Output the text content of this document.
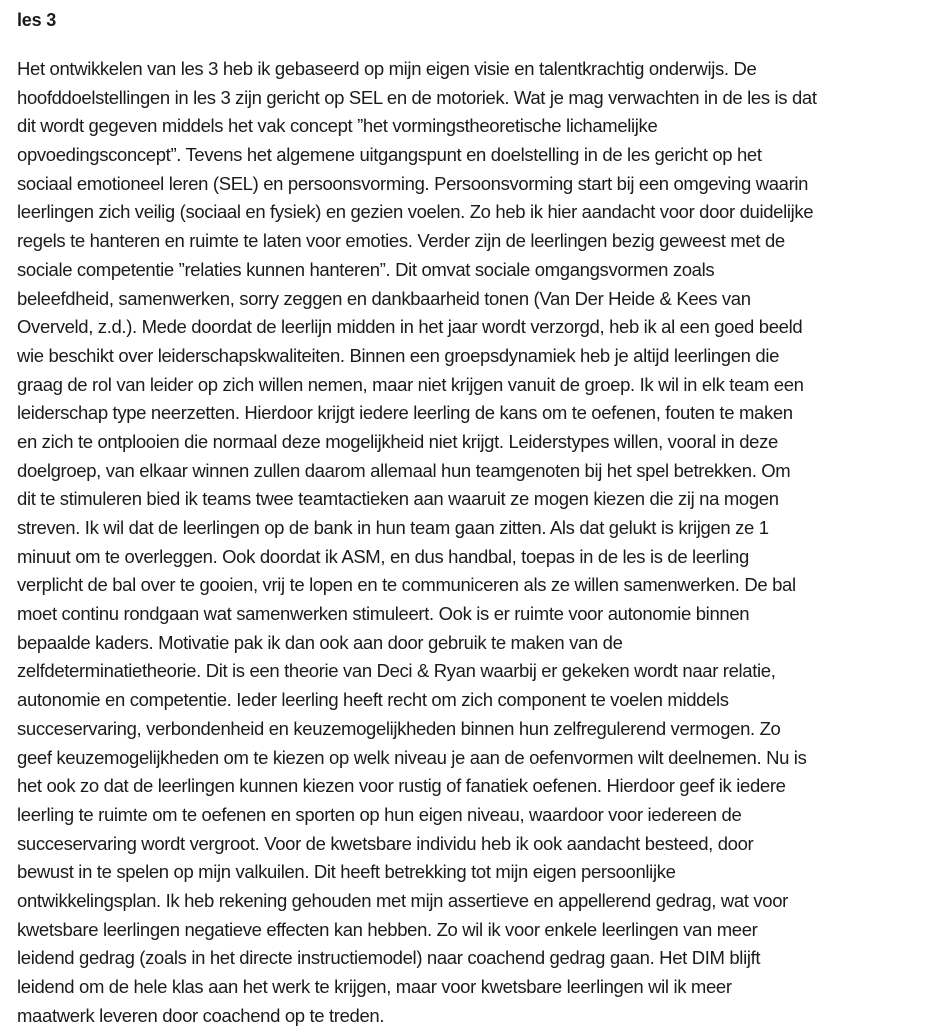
les 3
Het ontwikkelen van les 3 heb ik gebaseerd op mijn eigen visie en talentkrachtig onderwijs. De
hoofddoelstellingen in les 3 zijn gericht op SEL en de motoriek. Wat je mag verwachten in de les is dat
dit wordt gegeven middels het vak concept ”het vormingstheoretische lichamelijke
opvoedingsconcept”. Tevens het algemene uitgangspunt en doelstelling in de les gericht op het
sociaal emotioneel leren (SEL) en persoonsvorming. Persoonsvorming start bij een omgeving waarin
leerlingen zich veilig (sociaal en fysiek) en gezien voelen. Zo heb ik hier aandacht voor door duidelijke
regels te hanteren en ruimte te laten voor emoties. Verder zijn de leerlingen bezig geweest met de
sociale competentie ”relaties kunnen hanteren”. Dit omvat sociale omgangsvormen zoals
beleefdheid, samenwerken, sorry zeggen en dankbaarheid tonen (Van Der Heide & Kees van
Overveld, z.d.). Mede doordat de leerlijn midden in het jaar wordt verzorgd, heb ik al een goed beeld
wie beschikt over leiderschapskwaliteiten. Binnen een groepsdynamiek heb je altijd leerlingen die
graag de rol van leider op zich willen nemen, maar niet krijgen vanuit de groep. Ik wil in elk team een
leiderschap type neerzetten. Hierdoor krijgt iedere leerling de kans om te oefenen, fouten te maken
en zich te ontplooien die normaal deze mogelijkheid niet krijgt. Leiderstypes willen, vooral in deze
doelgroep, van elkaar winnen zullen daarom allemaal hun teamgenoten bij het spel betrekken. Om
dit te stimuleren bied ik teams twee teamtactieken aan waaruit ze mogen kiezen die zij na mogen
streven. Ik wil dat de leerlingen op de bank in hun team gaan zitten. Als dat gelukt is krijgen ze 1
minuut om te overleggen. Ook doordat ik ASM, en dus handbal, toepas in de les is de leerling
verplicht de bal over te gooien, vrij te lopen en te communiceren als ze willen samenwerken. De bal
moet continu rondgaan wat samenwerken stimuleert. Ook is er ruimte voor autonomie binnen
bepaalde kaders. Motivatie pak ik dan ook aan door gebruik te maken van de
zelfdeterminatietheorie. Dit is een theorie van Deci & Ryan waarbij er gekeken wordt naar relatie,
autonomie en competentie. Ieder leerling heeft recht om zich component te voelen middels
succeservaring, verbondenheid en keuzemogelijkheden binnen hun zelfregulerend vermogen. Zo
geef keuzemogelijkheden om te kiezen op welk niveau je aan de oefenvormen wilt deelnemen. Nu is
het ook zo dat de leerlingen kunnen kiezen voor rustig of fanatiek oefenen. Hierdoor geef ik iedere
leerling te ruimte om te oefenen en sporten op hun eigen niveau, waardoor voor iedereen de
succeservaring wordt vergroot. Voor de kwetsbare individu heb ik ook aandacht besteed, door
bewust in te spelen op mijn valkuilen. Dit heeft betrekking tot mijn eigen persoonlijke
ontwikkelingsplan. Ik heb rekening gehouden met mijn assertieve en appellerend gedrag, wat voor
kwetsbare leerlingen negatieve effecten kan hebben. Zo wil ik voor enkele leerlingen van meer
leidend gedrag (zoals in het directe instructiemodel) naar coachend gedrag gaan. Het DIM blijft
leidend om de hele klas aan het werk te krijgen, maar voor kwetsbare leerlingen wil ik meer
maatwerk leveren door coachend op te treden.
